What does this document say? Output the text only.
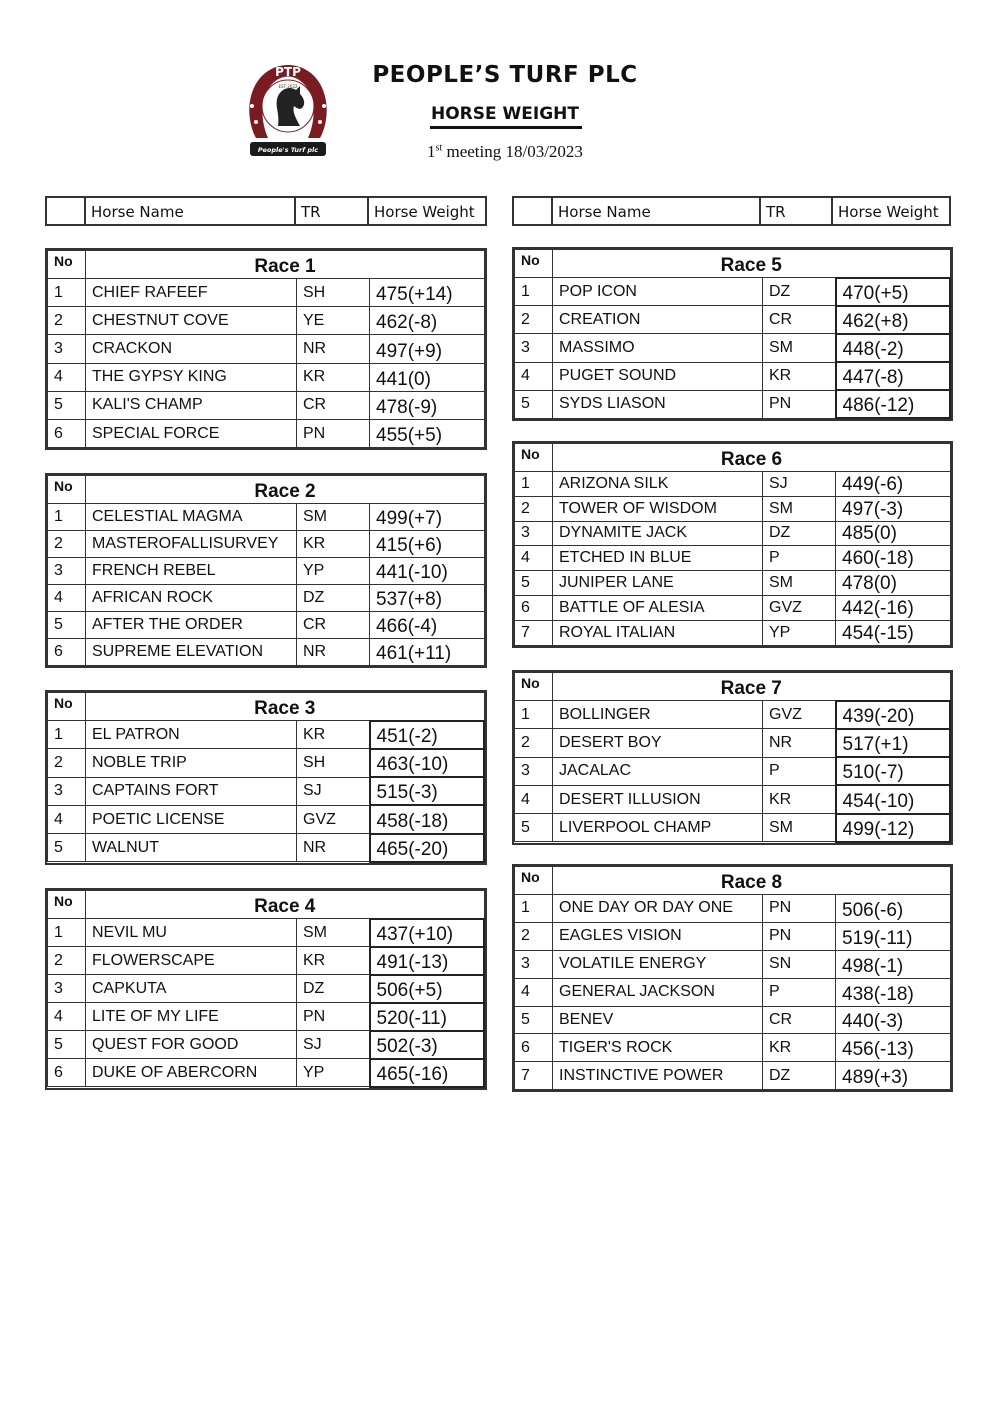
PTP
EST 2022
People's Turf plc
PEOPLE’S TURF PLC
HORSE WEIGHT
1st meeting 18/03/2023
Horse Name	TR	Horse Weight	Horse Name	TR	Horse Weight
No	Race 1		
1	CHIEF RAFEEF	SH	475(+14)
2	CHESTNUT COVE	YE	462(-8)
3	CRACKON	NR	497(+9)
4	THE GYPSY KING	KR	441(0)
5	KALI'S CHAMP	CR	478(-9)
6	SPECIAL FORCE	PN	455(+5)
No	Race 2		
1	CELESTIAL MAGMA	SM	499(+7)
2	MASTEROFALLISURVEY	KR	415(+6)
3	FRENCH REBEL	YP	441(-10)
4	AFRICAN ROCK	DZ	537(+8)
5	AFTER THE ORDER	CR	466(-4)
6	SUPREME ELEVATION	NR	461(+11)
No	Race 3		
1	EL PATRON	KR	451(-2)
2	NOBLE TRIP	SH	463(-10)
3	CAPTAINS FORT	SJ	515(-3)
4	POETIC LICENSE	GVZ	458(-18)
5	WALNUT	NR	465(-20)
No	Race 4		
1	NEVIL MU	SM	437(+10)
2	FLOWERSCAPE	KR	491(-13)
3	CAPKUTA	DZ	506(+5)
4	LITE OF MY LIFE	PN	520(-11)
5	QUEST FOR GOOD	SJ	502(-3)
6	DUKE OF ABERCORN	YP	465(-16)
No	Race 5		
1	POP ICON	DZ	470(+5)
2	CREATION	CR	462(+8)
3	MASSIMO	SM	448(-2)
4	PUGET SOUND	KR	447(-8)
5	SYDS LIASON	PN	486(-12)
No	Race 6		
1	ARIZONA SILK	SJ	449(-6)
2	TOWER OF WISDOM	SM	497(-3)
3	DYNAMITE JACK	DZ	485(0)
4	ETCHED IN BLUE	P	460(-18)
5	JUNIPER LANE	SM	478(0)
6	BATTLE OF ALESIA	GVZ	442(-16)
7	ROYAL ITALIAN	YP	454(-15)
No	Race 7		
1	BOLLINGER	GVZ	439(-20)
2	DESERT BOY	NR	517(+1)
3	JACALAC	P	510(-7)
4	DESERT ILLUSION	KR	454(-10)
5	LIVERPOOL CHAMP	SM	499(-12)
No	Race 8		
1	ONE DAY OR DAY ONE	PN	506(-6)
2	EAGLES VISION	PN	519(-11)
3	VOLATILE ENERGY	SN	498(-1)
4	GENERAL JACKSON	P	438(-18)
5	BENEV	CR	440(-3)
6	TIGER'S ROCK	KR	456(-13)
7	INSTINCTIVE POWER	DZ	489(+3)
